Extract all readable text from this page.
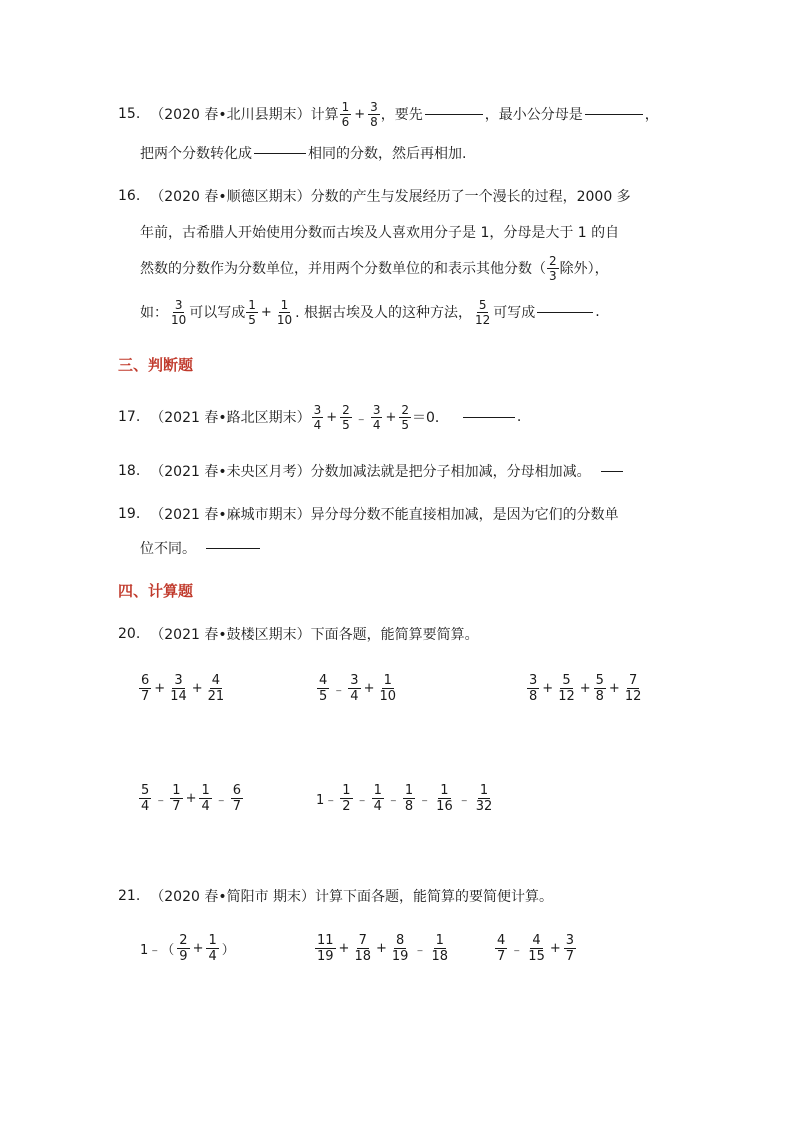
15. （2020 春•北川县期末）计算 $\frac{1}{6} + \frac{3}{8}$ ，要先	，最小公分母是	，
把两个分数转化成	相同的分数，然后再相加.
16. （2020 春•顺德区期末）分数的产生与发展经历了一个漫长的过程，2000 多
年前，古希腊人开始使用分数而古埃及人喜欢用分子是 1，分母是大于 1 的自
然数的分数作为分数单位，并用两个分数单位的和表示其他分数（ $\frac{2}{3}$ 除外），
如： $\frac{3}{10}$ 可以写成 $\frac{1}{5} + \frac{1}{10}$ . 根据古埃及人的这种方法， $\frac{5}{12}$ 可写成	.
三、判断题
17. （2021 春•路北区期末） $\frac{3}{4} + \frac{2}{5}$ ﹣ $\frac{3}{4} + \frac{2}{5} =0$．	.
18. （2021 春•未央区月考）分数加减法就是把分子相加减，分母相加减。
19. （2021 春•麻城市期末）异分母分数不能直接相加减，是因为它们的分数单
位不同。
四、计算题
20. （2021 春•鼓楼区期末）下面各题，能简算要简算。
$\frac{6}{7} + \frac{3}{14} + \frac{4}{21}$	$\frac{4}{5}$ ﹣ $\frac{3}{4} + \frac{1}{10}$	$\frac{3}{8} + \frac{5}{12} + \frac{5}{8} + \frac{7}{12}$
$\frac{5}{4}$ ﹣ $\frac{1}{7} + \frac{1}{4}$ ﹣ $\frac{6}{7}$	1﹣ $\frac{1}{2}$ ﹣ $\frac{1}{4}$ ﹣ $\frac{1}{8}$ ﹣ $\frac{1}{16}$ ﹣ $\frac{1}{32}$
21. （2020 春•简阳市 期末）计算下面各题，能简算的要简便计算。
1﹣（ $\frac{2}{9} + \frac{1}{4}$ ）	$\frac{11}{19} + \frac{7}{18} + \frac{8}{19}$ ﹣ $\frac{1}{18}$	$\frac{4}{7}$ ﹣ $\frac{4}{15} + \frac{3}{7}$
